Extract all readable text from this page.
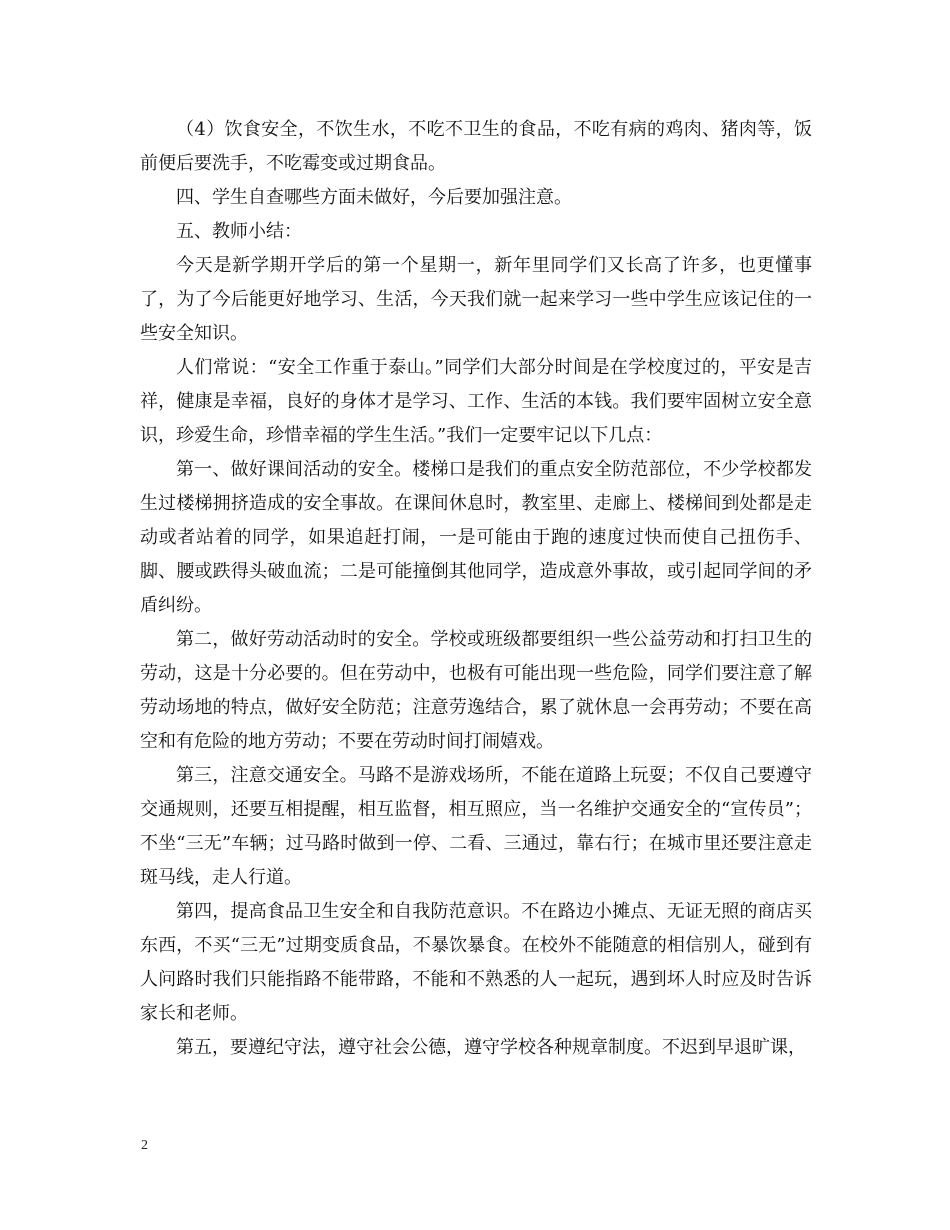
（4）饮食安全，不饮生水，不吃不卫生的食品，不吃有病的鸡肉、猪肉等，饭前便后要洗手，不吃霉变或过期食品。

四、学生自查哪些方面未做好，今后要加强注意。

五、教师小结：

今天是新学期开学后的第一个星期一，新年里同学们又长高了许多，也更懂事了，为了今后能更好地学习、生活，今天我们就一起来学习一些中学生应该记住的一些安全知识。

人们常说：“安全工作重于泰山。”同学们大部分时间是在学校度过的，平安是吉祥，健康是幸福，良好的身体才是学习、工作、生活的本钱。我们要牢固树立安全意识，珍爱生命，珍惜幸福的学生生活。”我们一定要牢记以下几点：

第一、做好课间活动的安全。楼梯口是我们的重点安全防范部位，不少学校都发生过楼梯拥挤造成的安全事故。在课间休息时，教室里、走廊上、楼梯间到处都是走动或者站着的同学，如果追赶打闹，一是可能由于跑的速度过快而使自己扭伤手、脚、腰或跌得头破血流；二是可能撞倒其他同学，造成意外事故，或引起同学间的矛盾纠纷。

第二，做好劳动活动时的安全。学校或班级都要组织一些公益劳动和打扫卫生的劳动，这是十分必要的。但在劳动中，也极有可能出现一些危险，同学们要注意了解劳动场地的特点，做好安全防范；注意劳逸结合，累了就休息一会再劳动；不要在高空和有危险的地方劳动；不要在劳动时间打闹嬉戏。

第三，注意交通安全。马路不是游戏场所，不能在道路上玩耍；不仅自己要遵守交通规则，还要互相提醒，相互监督，相互照应，当一名维护交通安全的“宣传员”；不坐“三无”车辆；过马路时做到一停、二看、三通过，靠右行；在城市里还要注意走斑马线，走人行道。

第四，提高食品卫生安全和自我防范意识。不在路边小摊点、无证无照的商店买东西，不买“三无”过期变质食品，不暴饮暴食。在校外不能随意的相信别人，碰到有人问路时我们只能指路不能带路，不能和不熟悉的人一起玩，遇到坏人时应及时告诉家长和老师。

第五，要遵纪守法，遵守社会公德，遵守学校各种规章制度。不迟到早退旷课，

2
